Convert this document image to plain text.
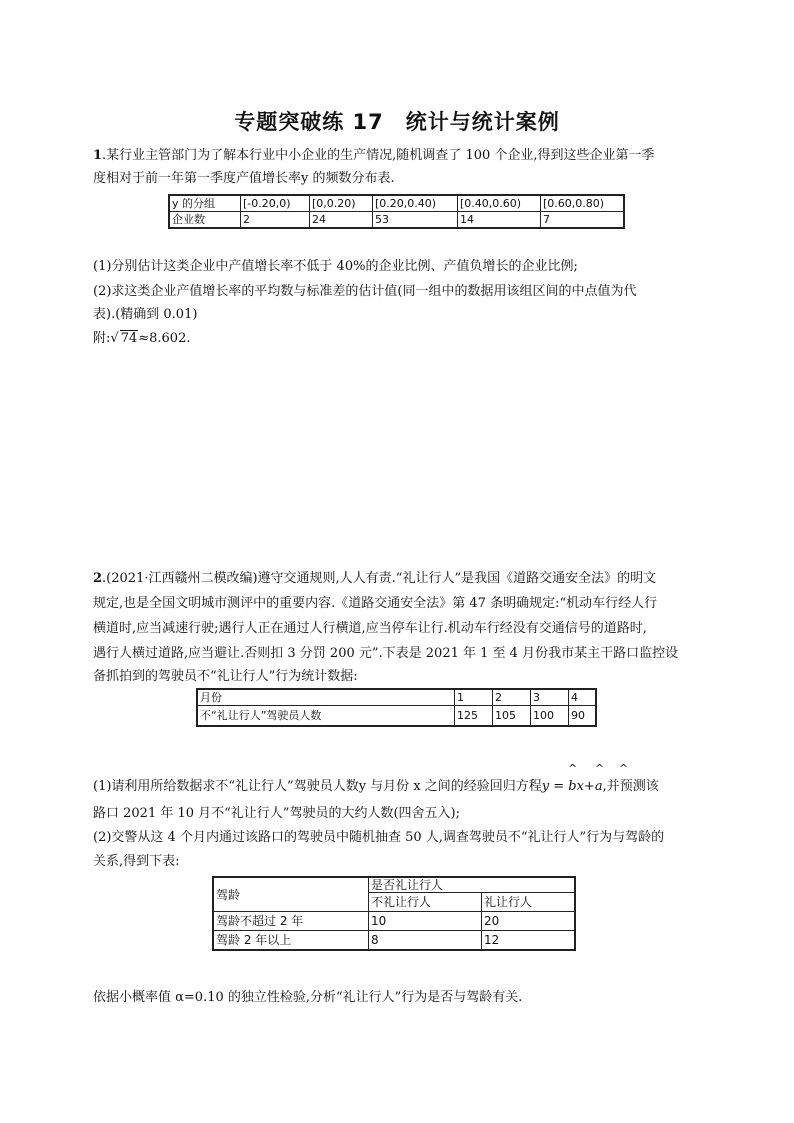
专题突破练 17　统计与统计案例
1.某行业主管部门为了解本行业中小企业的生产情况,随机调查了 100 个企业,得到这些企业第一季
度相对于前一年第一季度产值增长率y 的频数分布表.
y 的分组	[-0.20,0)	[0,0.20)	[0.20,0.40)	[0.40,0.60)	[0.60,0.80)
企业数	2	24	53	14	7
(1)分别估计这类企业中产值增长率不低于 40%的企业比例、产值负增长的企业比例;
(2)求这类企业产值增长率的平均数与标准差的估计值(同一组中的数据用该组区间的中点值为代
表).(精确到 0.01)
附:√ 74≈8.602.
2.(2021·江西赣州二模改编)遵守交通规则,人人有责.“礼让行人”是我国《道路交通安全法》的明文
规定,也是全国文明城市测评中的重要内容.《道路交通安全法》第 47 条明确规定:“机动车行经人行
横道时,应当减速行驶;遇行人正在通过人行横道,应当停车让行.机动车行经没有交通信号的道路时,
遇行人横过道路,应当避让.否则扣 3 分罚 200 元”.下表是 2021 年 1 至 4 月份我市某主干路口监控设
备抓拍到的驾驶员不“礼让行人”行为统计数据:
月份	1	2	3	4
不“礼让行人”驾驶员人数	125	105	100	90
^ ^ ^
(1)请利用所给数据求不“礼让行人”驾驶员人数y 与月份 x 之间的经验回归方程y = bx+a,并预测该
路口 2021 年 10 月不“礼让行人”驾驶员的大约人数(四舍五入);
(2)交警从这 4 个月内通过该路口的驾驶员中随机抽查 50 人,调查驾驶员不“礼让行人”行为与驾龄的
关系,得到下表:
驾龄	是否礼让行人	
	不礼让行人	礼让行人
驾龄不超过 2 年	10	20
驾龄 2 年以上	8	12
依据小概率值 α=0.10 的独立性检验,分析“礼让行人”行为是否与驾龄有关.
